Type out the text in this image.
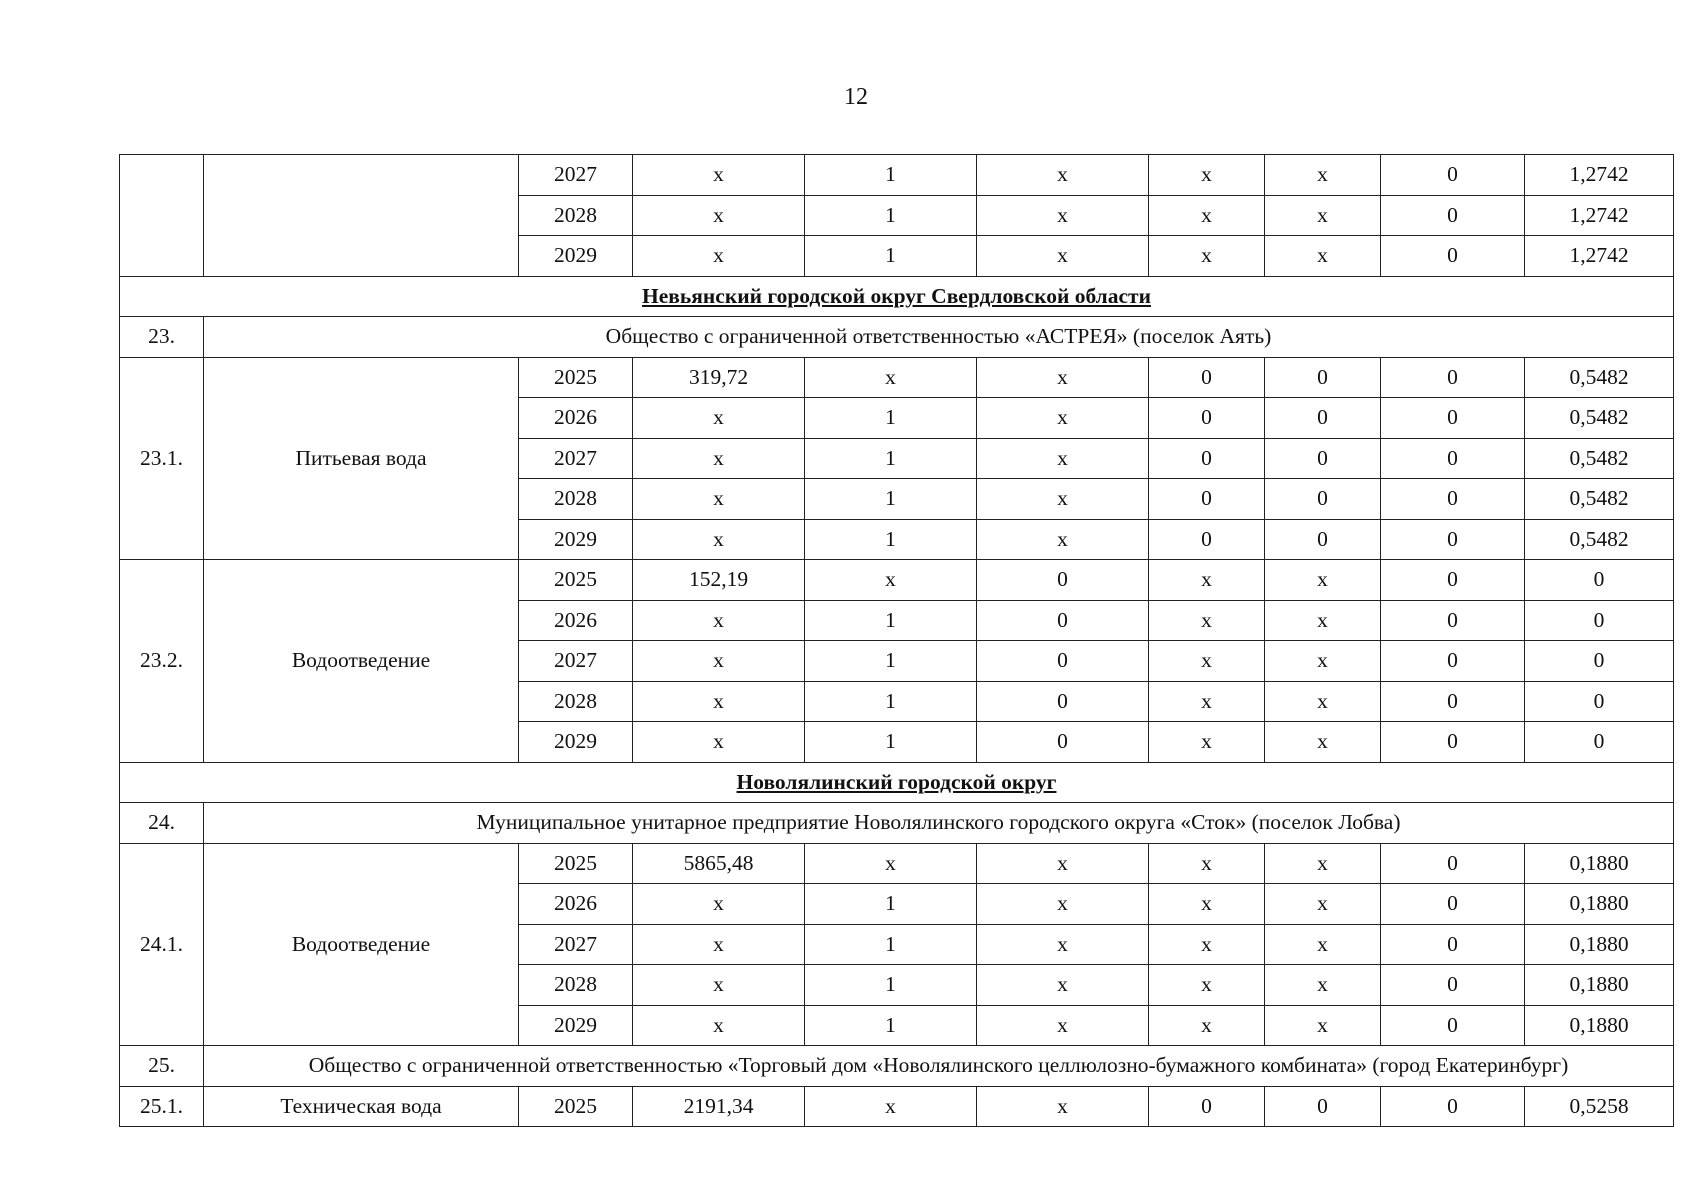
12
		2027	x	1	x	x	x	0	1,2742
		2028	x	1	x	x	x	0	1,2742
		2029	x	1	x	x	x	0	1,2742
Невьянский городской округ Свердловской области									
23.	Общество с ограниченной ответственностью «АСТРЕЯ» (поселок Аять)								
23.1.	Питьевая вода	2025	319,72	x	x	0	0	0	0,5482
		2026	x	1	x	0	0	0	0,5482
		2027	x	1	x	0	0	0	0,5482
		2028	x	1	x	0	0	0	0,5482
		2029	x	1	x	0	0	0	0,5482
23.2.	Водоотведение	2025	152,19	x	0	x	x	0	0
		2026	x	1	0	x	x	0	0
		2027	x	1	0	x	x	0	0
		2028	x	1	0	x	x	0	0
		2029	x	1	0	x	x	0	0
Новолялинский городской округ									
24.	Муниципальное унитарное предприятие Новолялинского городского округа «Сток» (поселок Лобва)								
24.1.	Водоотведение	2025	5865,48	x	x	x	x	0	0,1880
		2026	x	1	x	x	x	0	0,1880
		2027	x	1	x	x	x	0	0,1880
		2028	x	1	x	x	x	0	0,1880
		2029	x	1	x	x	x	0	0,1880
25.	Общество с ограниченной ответственностью «Торговый дом «Новолялинского целлюлозно-бумажного комбината» (город Екатеринбург)								
25.1.	Техническая вода	2025	2191,34	x	x	0	0	0	0,5258
